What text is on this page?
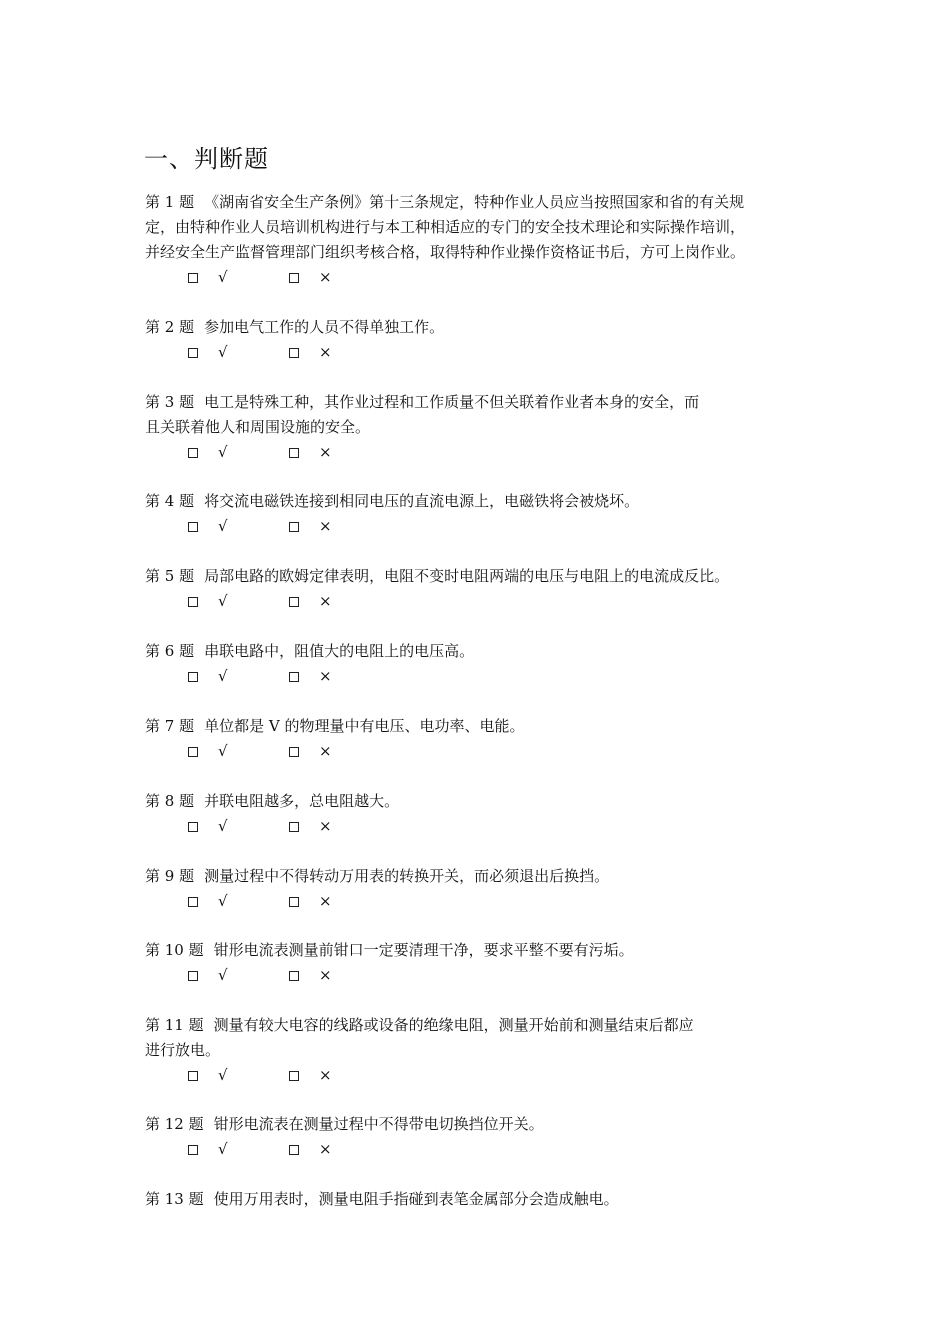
一、判断题
第 1 题 《湖南省安全生产条例》第十三条规定，特种作业人员应当按照国家和省的有关规
定，由特种作业人员培训机构进行与本工种相适应的专门的安全技术理论和实际操作培训，
并经安全生产监督管理部门组织考核合格，取得特种作业操作资格证书后，方可上岗作业。
√	×
第 2 题 参加电气工作的人员不得单独工作。
√	×
第 3 题 电工是特殊工种，其作业过程和工作质量不但关联着作业者本身的安全，而
且关联着他人和周围设施的安全。
√	×
第 4 题 将交流电磁铁连接到相同电压的直流电源上，电磁铁将会被烧坏。
√	×
第 5 题 局部电路的欧姆定律表明，电阻不变时电阻两端的电压与电阻上的电流成反比。
√	×
第 6 题 串联电路中，阻值大的电阻上的电压高。
√	×
第 7 题 单位都是 V 的物理量中有电压、电功率、电能。
√	×
第 8 题 并联电阻越多，总电阻越大。
√	×
第 9 题 测量过程中不得转动万用表的转换开关，而必须退出后换挡。
√	×
第 10 题 钳形电流表测量前钳口一定要清理干净，要求平整不要有污垢。
√	×
第 11 题 测量有较大电容的线路或设备的绝缘电阻，测量开始前和测量结束后都应
进行放电。
√	×
第 12 题 钳形电流表在测量过程中不得带电切换挡位开关。
√	×
第 13 题 使用万用表时，测量电阻手指碰到表笔金属部分会造成触电。
